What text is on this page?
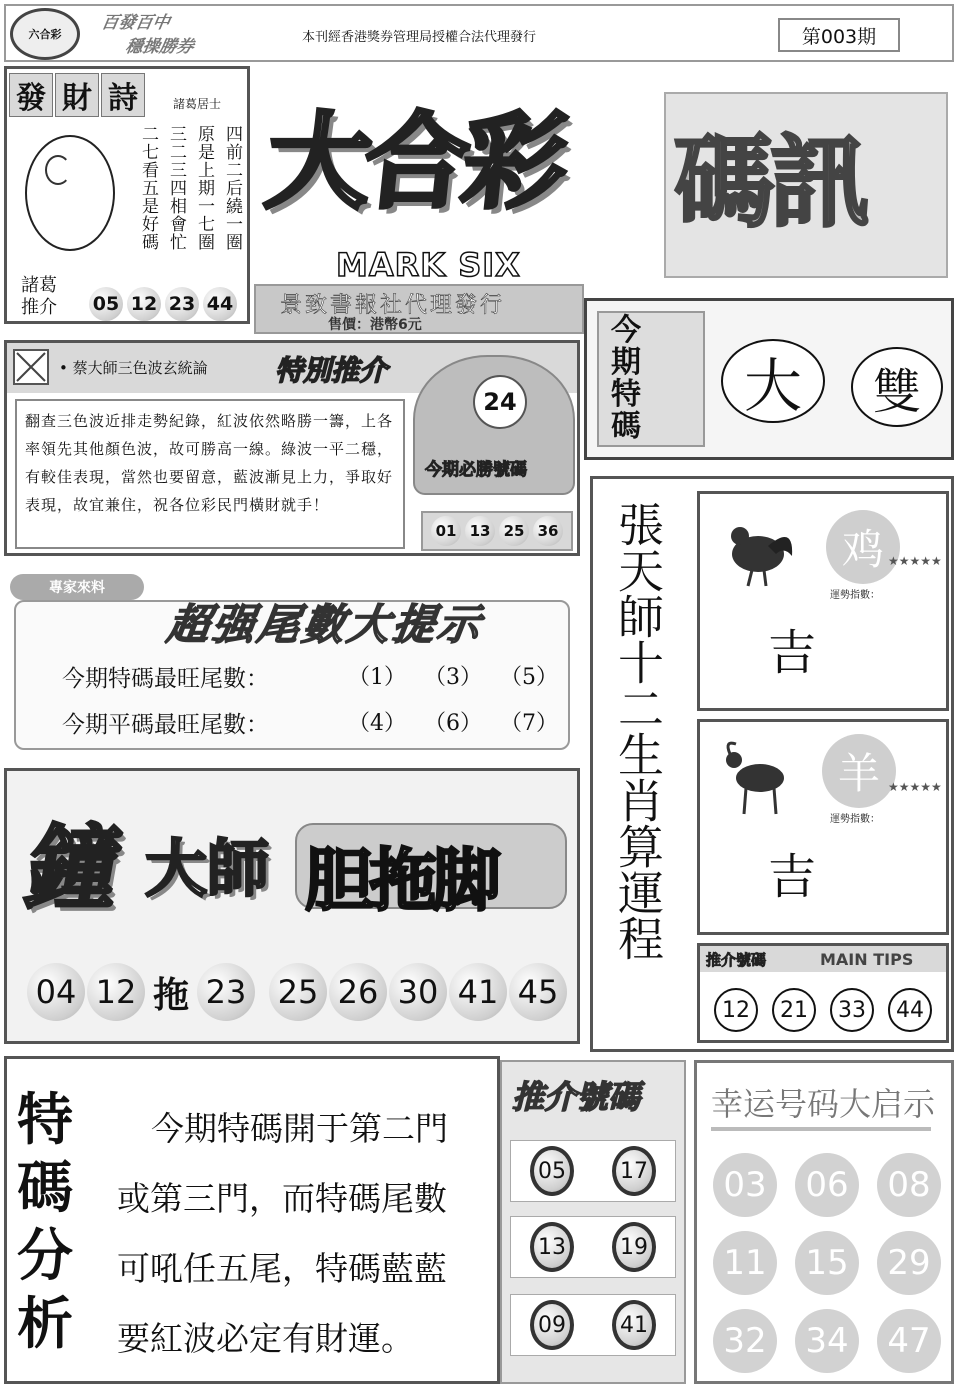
六合彩
百發百中
穩操勝券	本刊經香港獎券管理局授權合法代理發行	第003期
發 財 詩	諸葛居士
四前二后繞一圈
原是上期一七圈
三二三四相會忙
二七看五是好碼
諸葛
推介 05 12 23 44
大合彩 碼訊
MARK SIX
景致書報社代理發行
售價：港幣6元	今
期
特
碼
大	雙
• 蔡大師三色波玄統論 特別推介
翻查三色波近排走勢紀錄，紅波依然略勝一籌，上各率領先其他顏色波，故可勝高一線。綠波一平二穩，有較佳表現，當然也要留意，藍波漸見上力，爭取好表現，故宜兼住，祝各位彩民門橫財就手！
24
今期必勝號碼
01 13 25 36
專家來料
超强尾數大提示
今期特碼最旺尾數：	（1） （3） （5）
今期平碼最旺尾數：	（4） （6） （7）
鐘 大師 胆拖脚
04 12 拖 23 25 26 30 41 45
張天師十二生肖算運程	鸡
運勢指數：
★★★★★
吉
羊
運勢指數：
★★★★★
吉
推介號碼	MAIN TIPS
12	21	33	44
特
碼
分
析
今期特碼開于第二門
或第三門，而特碼尾數
可吼任五尾，特碼藍藍
要紅波必定有財運。
推介號碼
05	17
13	19
09	41
幸运号码大启示
03	06	08
11	15	29
32	34	47
